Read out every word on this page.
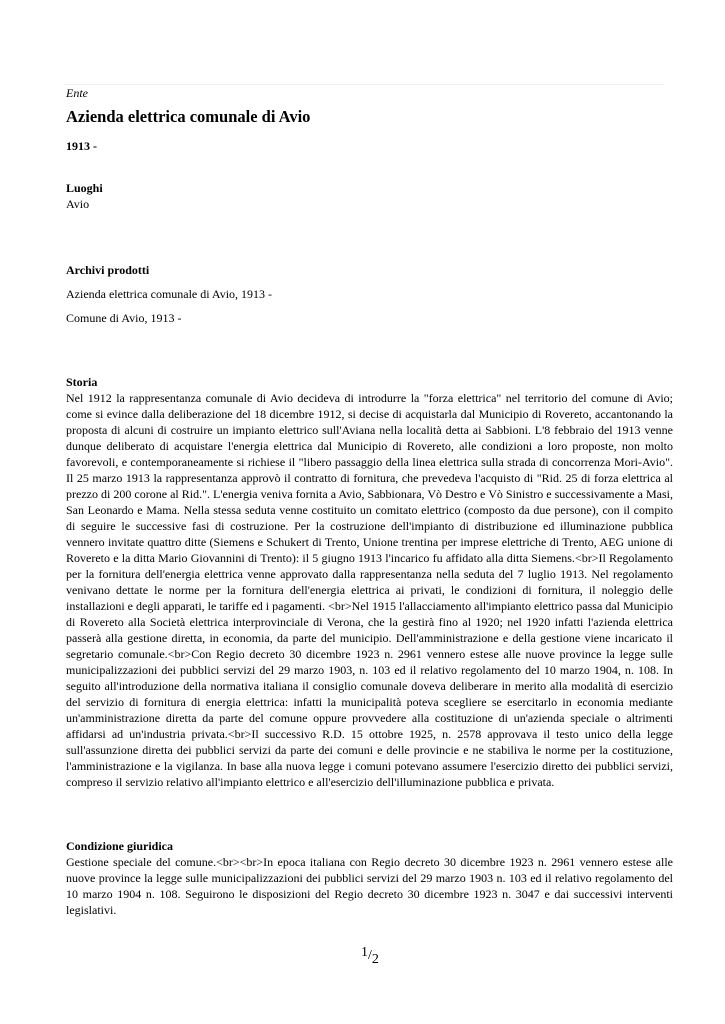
Ente
Azienda elettrica comunale di Avio
1913 -
Luoghi
Avio
Archivi prodotti
Azienda elettrica comunale di Avio, 1913 -
Comune di Avio, 1913 -
Storia
Nel 1912 la rappresentanza comunale di Avio decideva di introdurre la "forza elettrica" nel territorio del comune di Avio; come si evince dalla deliberazione del 18 dicembre 1912, si decise di acquistarla dal Municipio di Rovereto, accantonando la proposta di alcuni di costruire un impianto elettrico sull'Aviana nella località detta ai Sabbioni. L'8 febbraio del 1913 venne dunque deliberato di acquistare l'energia elettrica dal Municipio di Rovereto, alle condizioni a loro proposte, non molto favorevoli, e contemporaneamente si richiese il "libero passaggio della linea elettrica sulla strada di concorrenza Mori-Avio". Il 25 marzo 1913 la rappresentanza approvò il contratto di fornitura, che prevedeva l'acquisto di "Rid. 25 di forza elettrica al prezzo di 200 corone al Rid.". L'energia veniva fornita a Avio, Sabbionara, Vò Destro e Vò Sinistro e successivamente a Masi, San Leonardo e Mama. Nella stessa seduta venne costituito un comitato elettrico (composto da due persone), con il compito di seguire le successive fasi di costruzione. Per la costruzione dell'impianto di distribuzione ed illuminazione pubblica vennero invitate quattro ditte (Siemens e Schukert di Trento, Unione trentina per imprese elettriche di Trento, AEG unione di Rovereto e la ditta Mario Giovannini di Trento): il 5 giugno 1913 l'incarico fu affidato alla ditta Siemens.<br>Il Regolamento per la fornitura dell'energia elettrica venne approvato dalla rappresentanza nella seduta del 7 luglio 1913. Nel regolamento venivano dettate le norme per la fornitura dell'energia elettrica ai privati, le condizioni di fornitura, il noleggio delle installazioni e degli apparati, le tariffe ed i pagamenti. <br>Nel 1915 l'allacciamento all'impianto elettrico passa dal Municipio di Rovereto alla Società elettrica interprovinciale di Verona, che la gestirà fino al 1920; nel 1920 infatti l'azienda elettrica passerà alla gestione diretta, in economia, da parte del municipio. Dell'amministrazione e della gestione viene incaricato il segretario comunale.<br>Con Regio decreto 30 dicembre 1923 n. 2961 vennero estese alle nuove province la legge sulle municipalizzazioni dei pubblici servizi del 29 marzo 1903, n. 103 ed il relativo regolamento del 10 marzo 1904, n. 108. In seguito all'introduzione della normativa italiana il consiglio comunale doveva deliberare in merito alla modalità di esercizio del servizio di fornitura di energia elettrica: infatti la municipalità poteva scegliere se esercitarlo in economia mediante un'amministrazione diretta da parte del comune oppure provvedere alla costituzione di un'azienda speciale o altrimenti affidarsi ad un'industria privata.<br>Il successivo R.D. 15 ottobre 1925, n. 2578 approvava il testo unico della legge sull'assunzione diretta dei pubblici servizi da parte dei comuni e delle provincie e ne stabiliva le norme per la costituzione, l'amministrazione e la vigilanza. In base alla nuova legge i comuni potevano assumere l'esercizio diretto dei pubblici servizi, compreso il servizio relativo all'impianto elettrico e all'esercizio dell'illuminazione pubblica e privata.
Condizione giuridica
Gestione speciale del comune.<br><br>In epoca italiana con Regio decreto 30 dicembre 1923 n. 2961 vennero estese alle nuove province la legge sulle municipalizzazioni dei pubblici servizi del 29 marzo 1903 n. 103 ed il relativo regolamento del 10 marzo 1904 n. 108. Seguirono le disposizioni del Regio decreto 30 dicembre 1923 n. 3047 e dai successivi interventi legislativi.
1/2
